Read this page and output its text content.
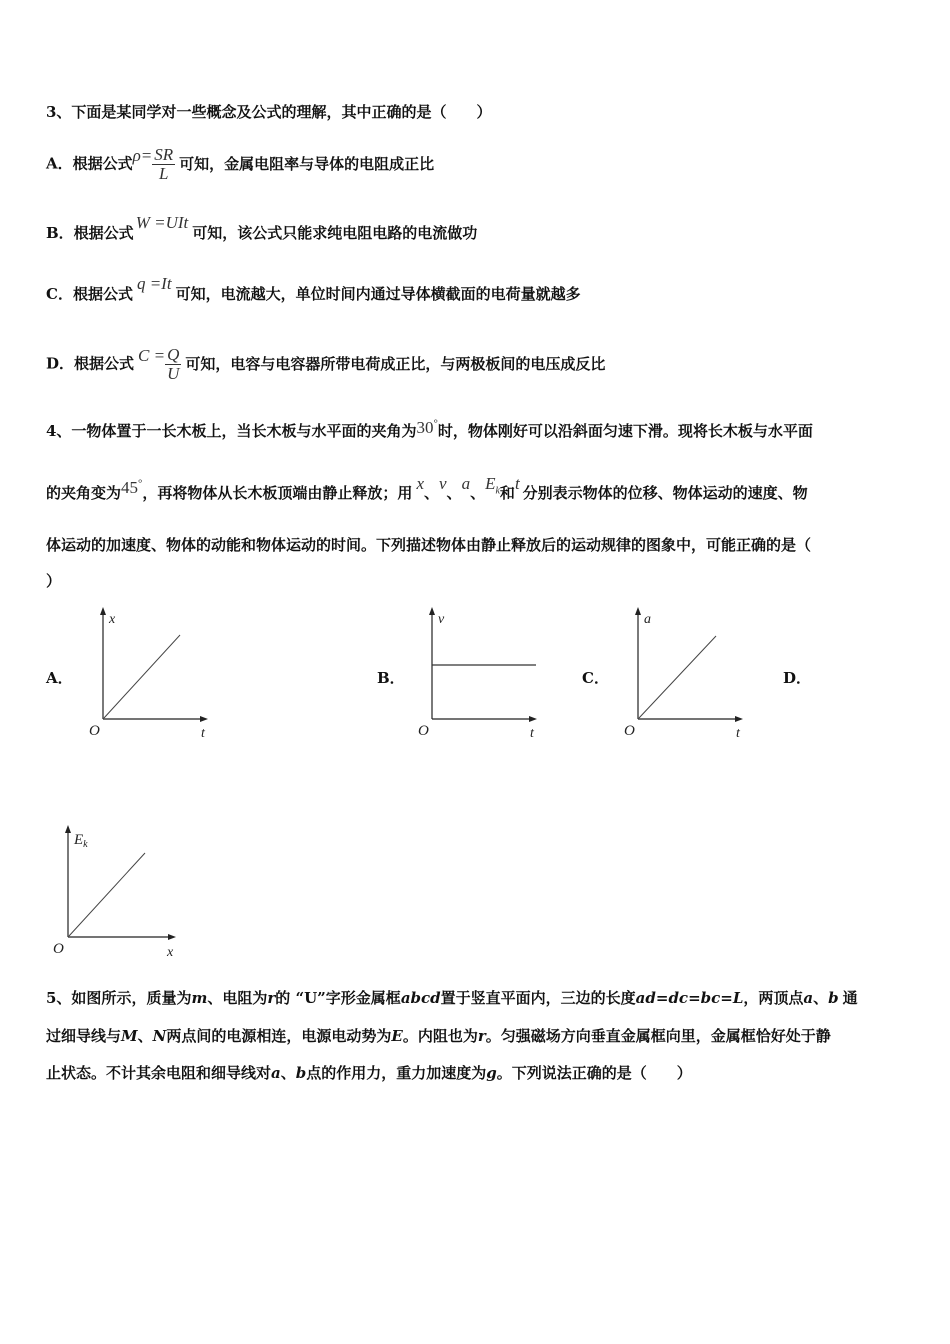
3、下面是某同学对一些概念及公式的理解，其中正确的是（　　）
A．根据公式$\rho= \frac{SR}{L}$ 可知，金属电阻率与导体的电阻成正比
B．根据公式W =UIt可知，该公式只能求纯电阻电路的电流做功
C．根据公式q =It可知，电流越大，单位时间内通过导体横截面的电荷量就越多
D．根据公式 $C = \frac{Q}{U}$ 可知，电容与电容器所带电荷成正比，与两极板间的电压成反比
4、一物体置于一长木板上，当长木板与水平面的夹角为30°时，物体刚好可以沿斜面匀速下滑。现将长木板与水平面
的夹角变为45°，再将物体从长木板顶端由静止释放；用 x、v、a、$E_k$和t 分别表示物体的位移、物体运动的速度、物
体运动的加速度、物体的动能和物体运动的时间。下列描述物体由静止释放后的运动规律的图象中，可能正确的是（
）
A．	B．	C．	D．
x
t
O
v
t
O
a
t
O
$E_k$
x
O
5、如图所示，质量为m、电阻为r的 “U”字形金属框abcd置于竖直平面内，三边的长度ad=dc=bc=L，两顶点a、b 通
过细导线与M、N两点间的电源相连，电源电动势为E。内阻也为r。匀强磁场方向垂直金属框向里，金属框恰好处于静
止状态。不计其余电阻和细导线对a、b点的作用力，重力加速度为g。下列说法正确的是（　　）
